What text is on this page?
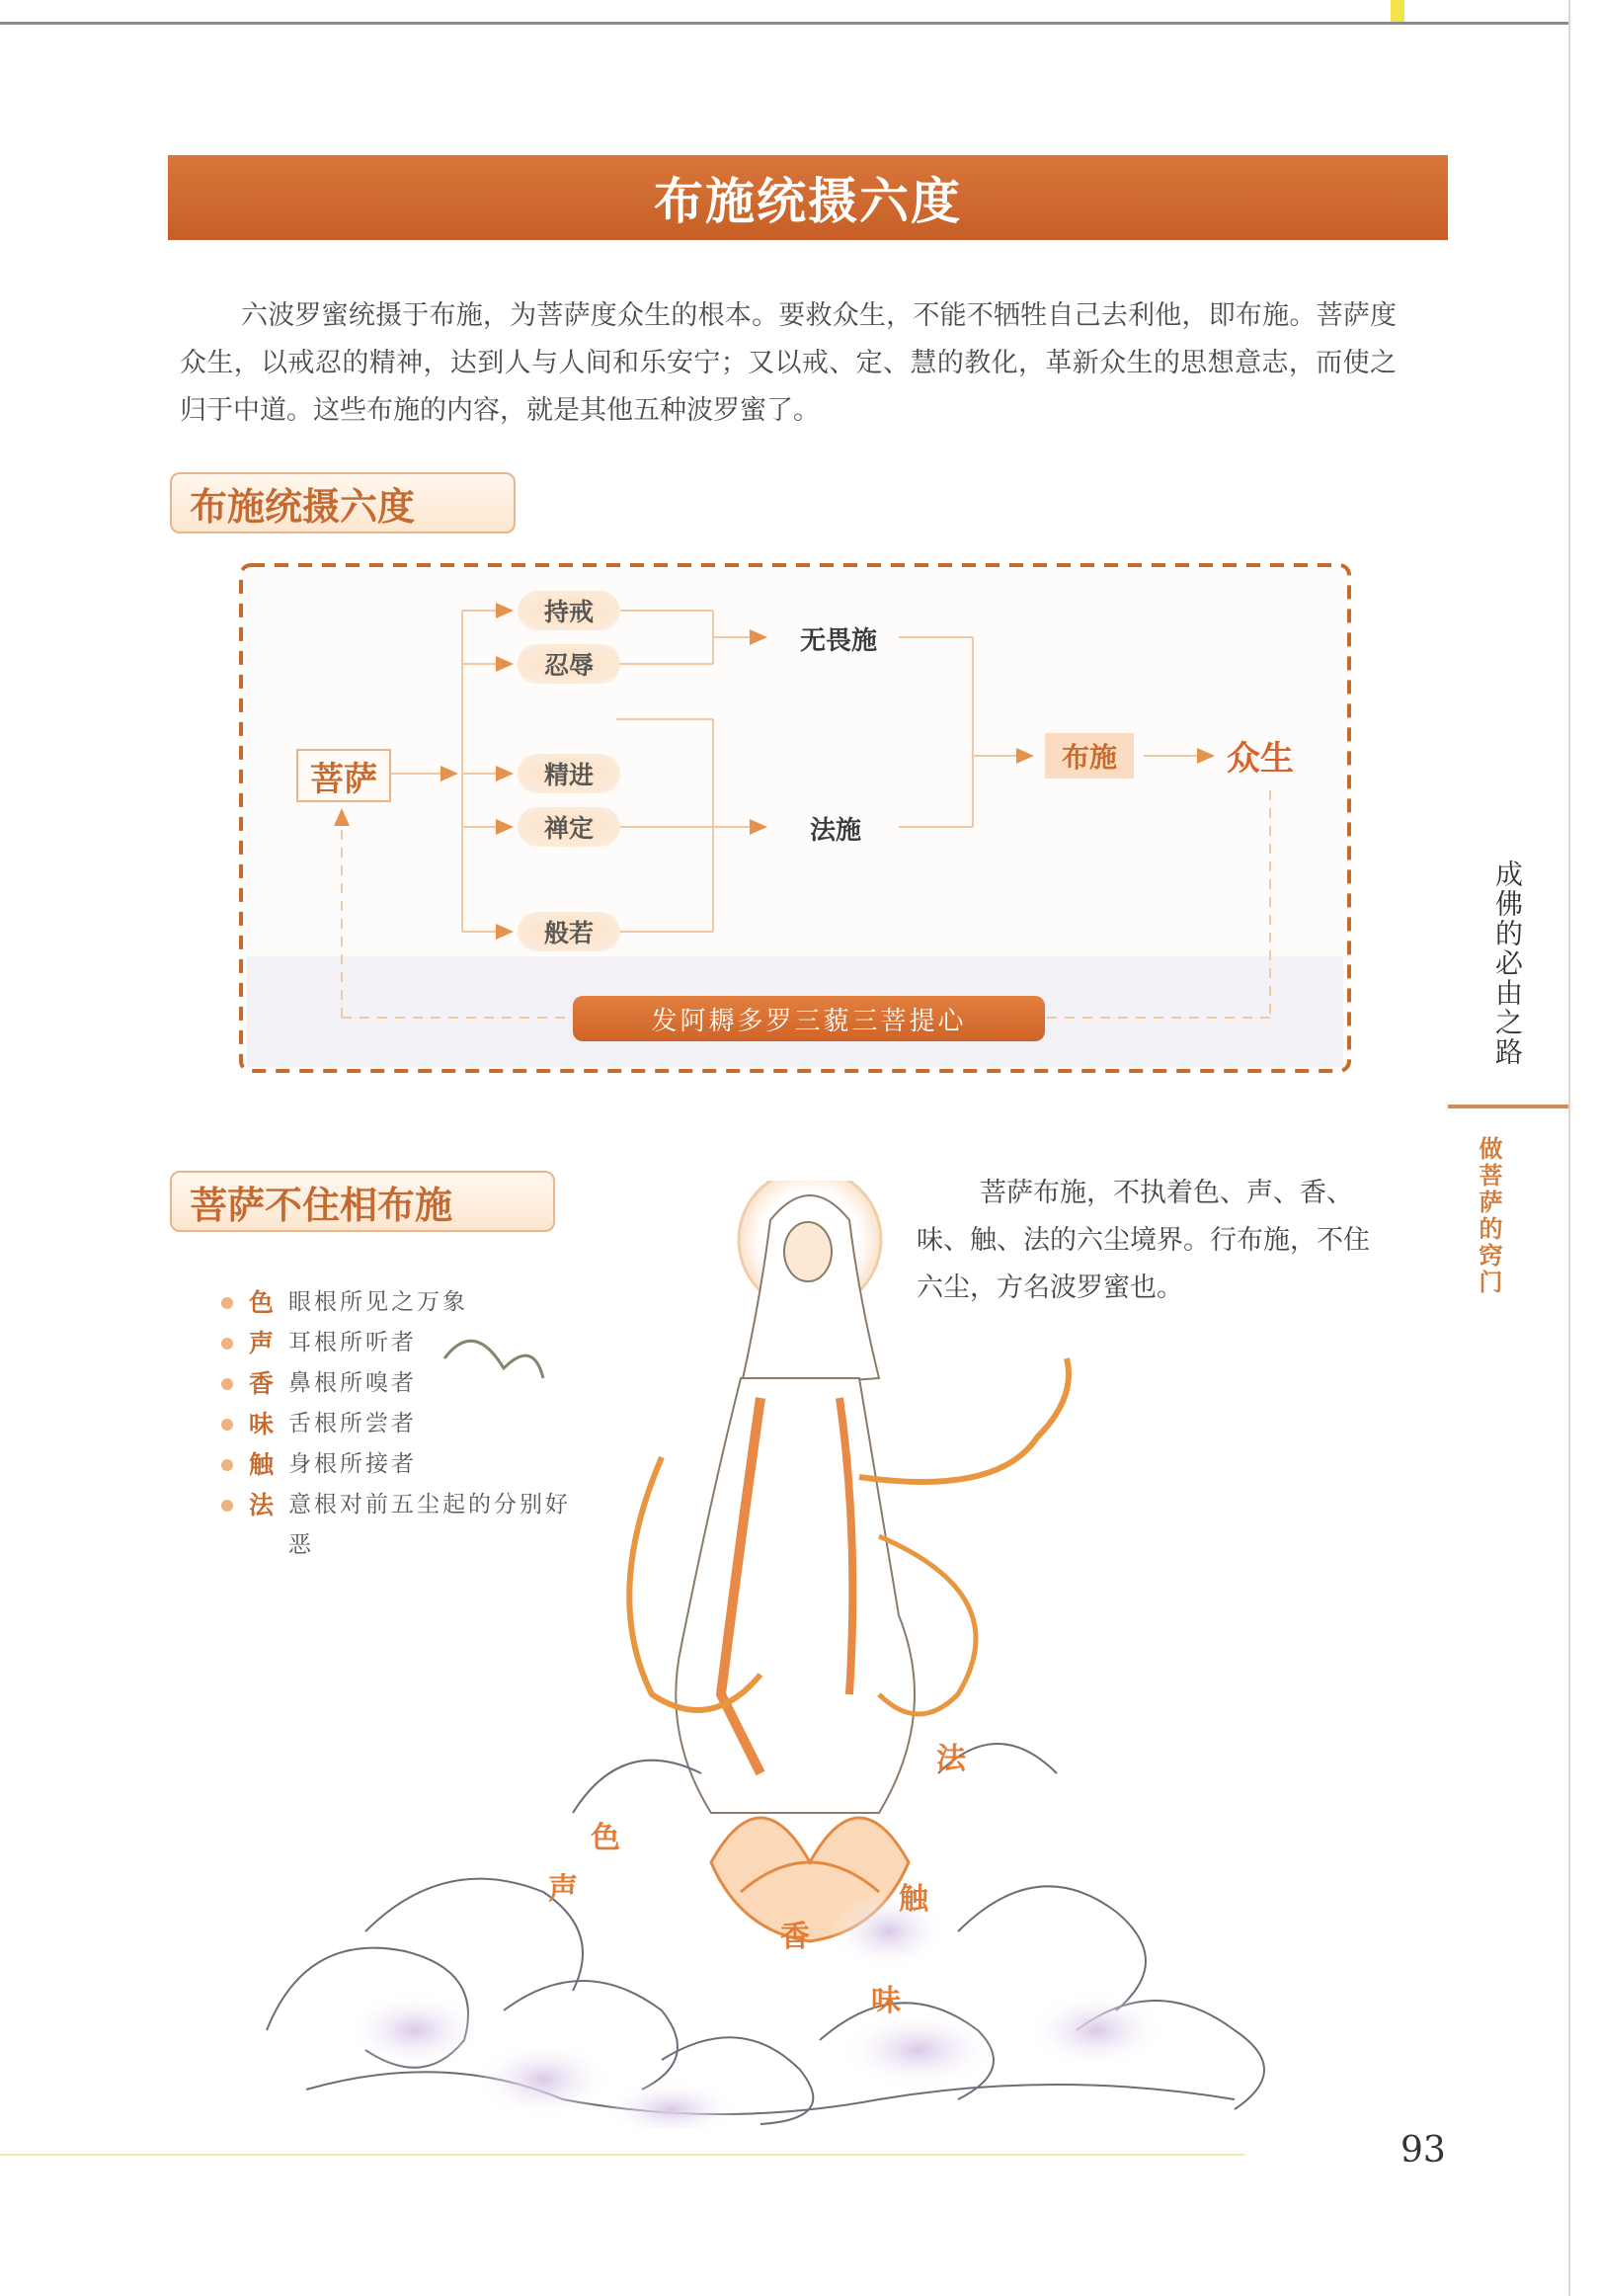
布施统摄六度

六波罗蜜统摄于布施，为菩萨度众生的根本。要救众生，不能不牺牲自己去利他，即布施。菩萨度众生，以戒忍的精神，达到人与人间和乐安宁；又以戒、定、慧的教化，革新众生的思想意志，而使之归于中道。这些布施的内容，就是其他五种波罗蜜了。

布施统摄六度
菩萨
持戒
忍辱
精进
禅定
般若
无畏施
法施
布施	众生
发阿耨多罗三藐三菩提心	成佛的必由之路
做菩萨的窍门
菩萨不住相布施
法
色
声
香
触
味

菩萨布施，不执着色、声、香、味、触、法的六尘境界。行布施，不住六尘，方名波罗蜜也。

色 眼根所见之万象
声 耳根所听者
香 鼻根所嗅者
味 舌根所尝者
触 身根所接者
法 意根对前五尘起的分别好恶
93
